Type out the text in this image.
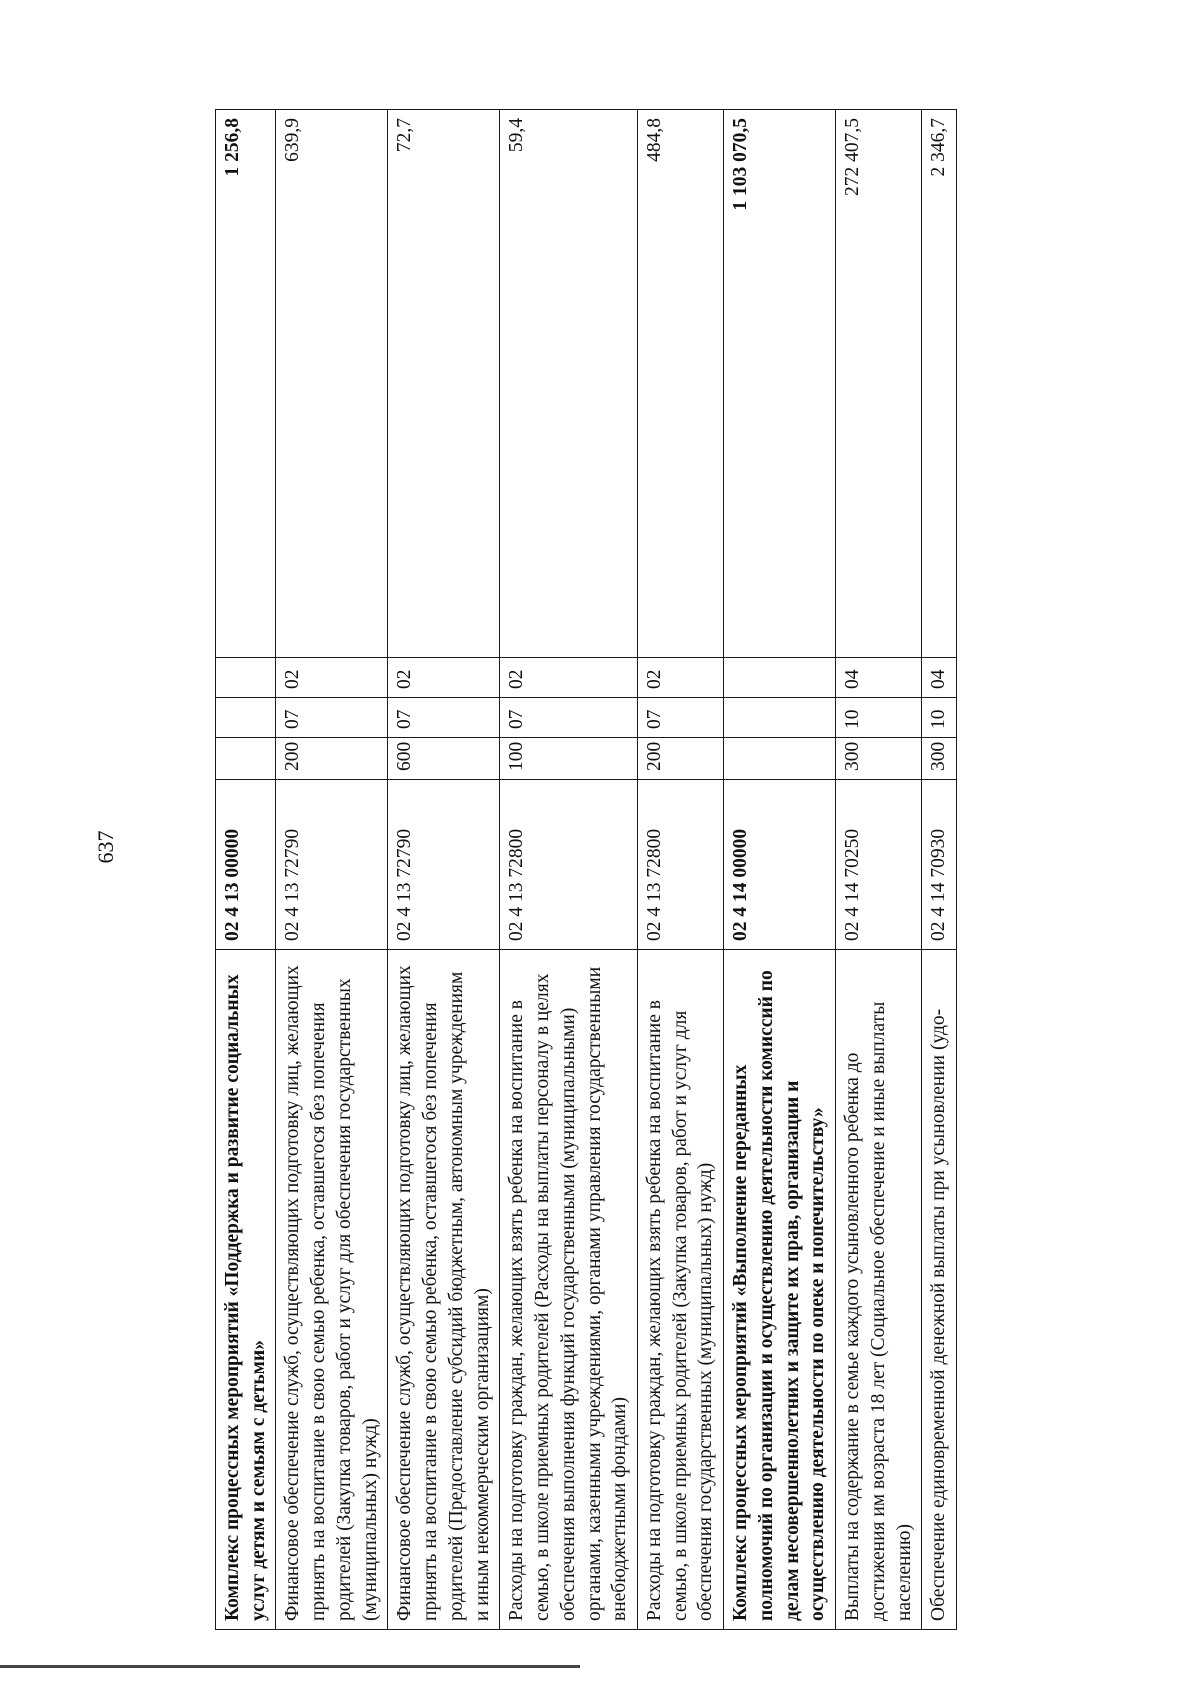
637
Комплекс процессных мероприятий «Поддержка и развитие социальных услуг детям и семьям с детьми»	02 4 13 00000				1 256,8
Финансовое обеспечение служб, осуществляющих подготовку лиц, желающих принять на воспитание в свою семью ребенка, оставшегося без попечения родителей (Закупка товаров, работ и услуг для обеспечения государственных (муниципальных) нужд)	02 4 13 72790	200	07	02	639,9
Финансовое обеспечение служб, осуществляющих подготовку лиц, желающих принять на воспитание в свою семью ребенка, оставшегося без попечения родителей (Предоставление субсидий бюджетным, автономным учреждениям и иным некоммерческим организациям)	02 4 13 72790	600	07	02	72,7
Расходы на подготовку граждан, желающих взять ребенка на воспитание в семью, в школе приемных родителей (Расходы на выплаты персоналу в целях обеспечения выполнения функций государственными (муниципальными) органами, казенными учреждениями, органами управления государственными внебюджетными фондами)	02 4 13 72800	100	07	02	59,4
Расходы на подготовку граждан, желающих взять ребенка на воспитание в семью, в школе приемных родителей (Закупка товаров, работ и услуг для обеспечения государственных (муниципальных) нужд)	02 4 13 72800	200	07	02	484,8
Комплекс процессных мероприятий «Выполнение переданных полномочий по организации и осуществлению деятельности комиссий по делам несовершеннолетних и защите их прав, организации и осуществлению деятельности по опеке и попечительству»	02 4 14 00000				1 103 070,5
Выплаты на содержание в семье каждого усыновленного ребенка до достижения им возраста 18 лет (Социальное обеспечение и иные выплаты населению)	02 4 14 70250	300	10	04	272 407,5
Обеспечение единовременной денежной выплаты при усыновлении (удо-	02 4 14 70930	300	10	04	2 346,7
